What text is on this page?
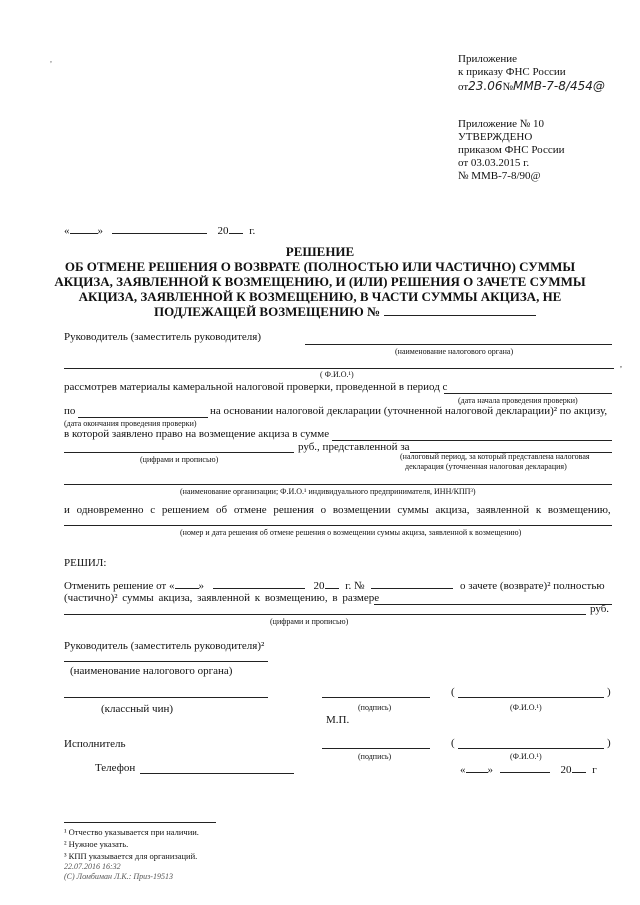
,	Приложение
к приказу ФНС России
от23.06№ММВ-7-8/454@
Приложение № 10
УТВЕРЖДЕНО
приказом ФНС России
от 03.03.2015 г.
№ ММВ-7-8/90@
«	»	20 г.
РЕШЕНИЕ
ОБ ОТМЕНЕ РЕШЕНИЯ О ВОЗВРАТЕ (ПОЛНОСТЬЮ ИЛИ ЧАСТИЧНО) СУММЫ
АКЦИЗА, ЗАЯВЛЕННОЙ К ВОЗМЕЩЕНИЮ, И (ИЛИ) РЕШЕНИЯ О ЗАЧЕТЕ СУММЫ
АКЦИЗА, ЗАЯВЛЕННОЙ К ВОЗМЕЩЕНИЮ, В ЧАСТИ СУММЫ АКЦИЗА, НЕ
ПОДЛЕЖАЩЕЙ ВОЗМЕЩЕНИЮ №
Руководитель (заместитель руководителя)
(наименование налогового органа)
,
( Ф.И.О.¹)
рассмотрев материалы камеральной налоговой проверки, проведенной в период с
(дата начала проведения проверки)
по	на основании налоговой декларации (уточненной налоговой декларации)² по акцизу,
(дата окончания проведения проверки)
в которой заявлено право на возмещение акциза в сумме
руб., представленной за
(цифрами и прописью)	(налоговый период, за который представлена налоговая
декларация (уточненная налоговая декларация)
(наименование организации; Ф.И.О.¹ индивидуального предпринимателя, ИНН/КПП³)
и одновременно с решением об отмене решения о возмещении суммы акциза, заявленной к возмещению,
(номер и дата решения об отмене решения о возмещении суммы акциза, заявленной к возмещению)
РЕШИЛ:
Отменить решение от « »	20 г. №	о зачете (возврате)² полностью
(частично)² суммы акциза, заявленной к возмещению, в размере
руб.
(цифрами и прописью)
Руководитель (заместитель руководителя)²
(наименование налогового органа)
(классный чин)	(подпись)
(	)
(Ф.И.О.¹)
М.П.
Исполнитель
(подпись)
(	)
(Ф.И.О.¹)
Телефон	« »	20 г
¹ Отчество указывается при наличии.
² Нужное указать.
³ КПП указывается для организаций.
22.07.2016 16:32
(С) Ломбиман Л.К.: Приз-19513
